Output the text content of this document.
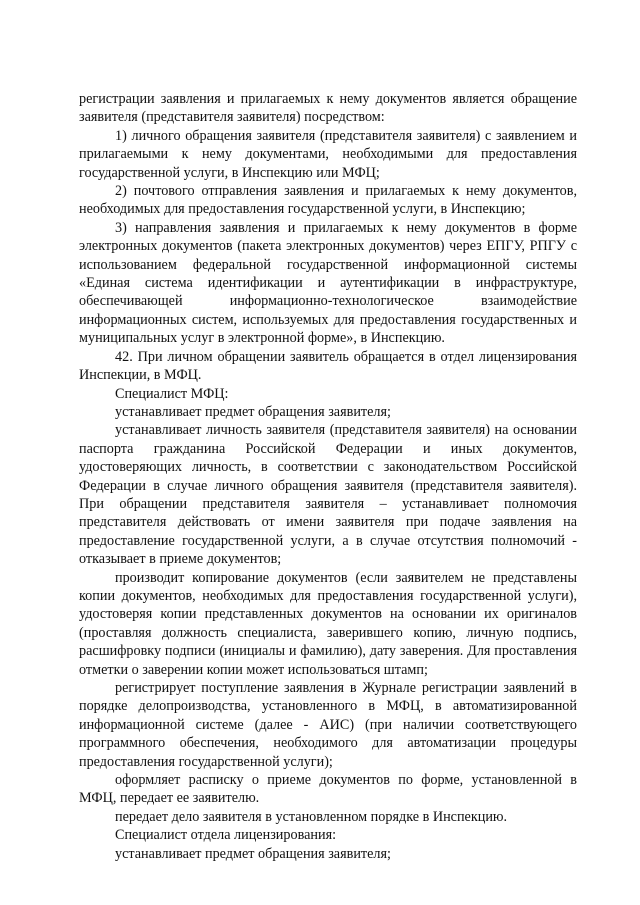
регистрации заявления и прилагаемых к нему документов является обращение заявителя (представителя заявителя) посредством:

1) личного обращения заявителя (представителя заявителя) с заявлением и прилагаемыми к нему документами, необходимыми для предоставления государственной услуги, в Инспекцию или МФЦ;

2) почтового отправления заявления и прилагаемых к нему документов, необходимых для предоставления государственной услуги, в Инспекцию;

3) направления заявления и прилагаемых к нему документов в форме электронных документов (пакета электронных документов) через ЕПГУ, РПГУ с использованием федеральной государственной информационной системы «Единая система идентификации и аутентификации в инфраструктуре, обеспечивающей информационно-технологическое взаимодействие информационных систем, используемых для предоставления государственных и муниципальных услуг в электронной форме», в Инспекцию.

42. При личном обращении заявитель обращается в отдел лицензирования Инспекции, в МФЦ.

Специалист МФЦ:

устанавливает предмет обращения заявителя;

устанавливает личность заявителя (представителя заявителя) на основании паспорта гражданина Российской Федерации и иных документов, удостоверяющих личность, в соответствии с законодательством Российской Федерации в случае личного обращения заявителя (представителя заявителя). При обращении представителя заявителя – устанавливает полномочия представителя действовать от имени заявителя при подаче заявления на предоставление государственной услуги, а в случае отсутствия полномочий - отказывает в приеме документов;

производит копирование документов (если заявителем не представлены копии документов, необходимых для предоставления государственной услуги), удостоверяя копии представленных документов на основании их оригиналов (проставляя должность специалиста, заверившего копию, личную подпись, расшифровку подписи (инициалы и фамилию), дату заверения. Для проставления отметки о заверении копии может использоваться штамп;

регистрирует поступление заявления в Журнале регистрации заявлений в порядке делопроизводства, установленного в МФЦ, в автоматизированной информационной системе (далее - АИС) (при наличии соответствующего программного обеспечения, необходимого для автоматизации процедуры предоставления государственной услуги);

оформляет расписку о приеме документов по форме, установленной в МФЦ, передает ее заявителю.

передает дело заявителя в установленном порядке в Инспекцию.

Специалист отдела лицензирования:

устанавливает предмет обращения заявителя;
